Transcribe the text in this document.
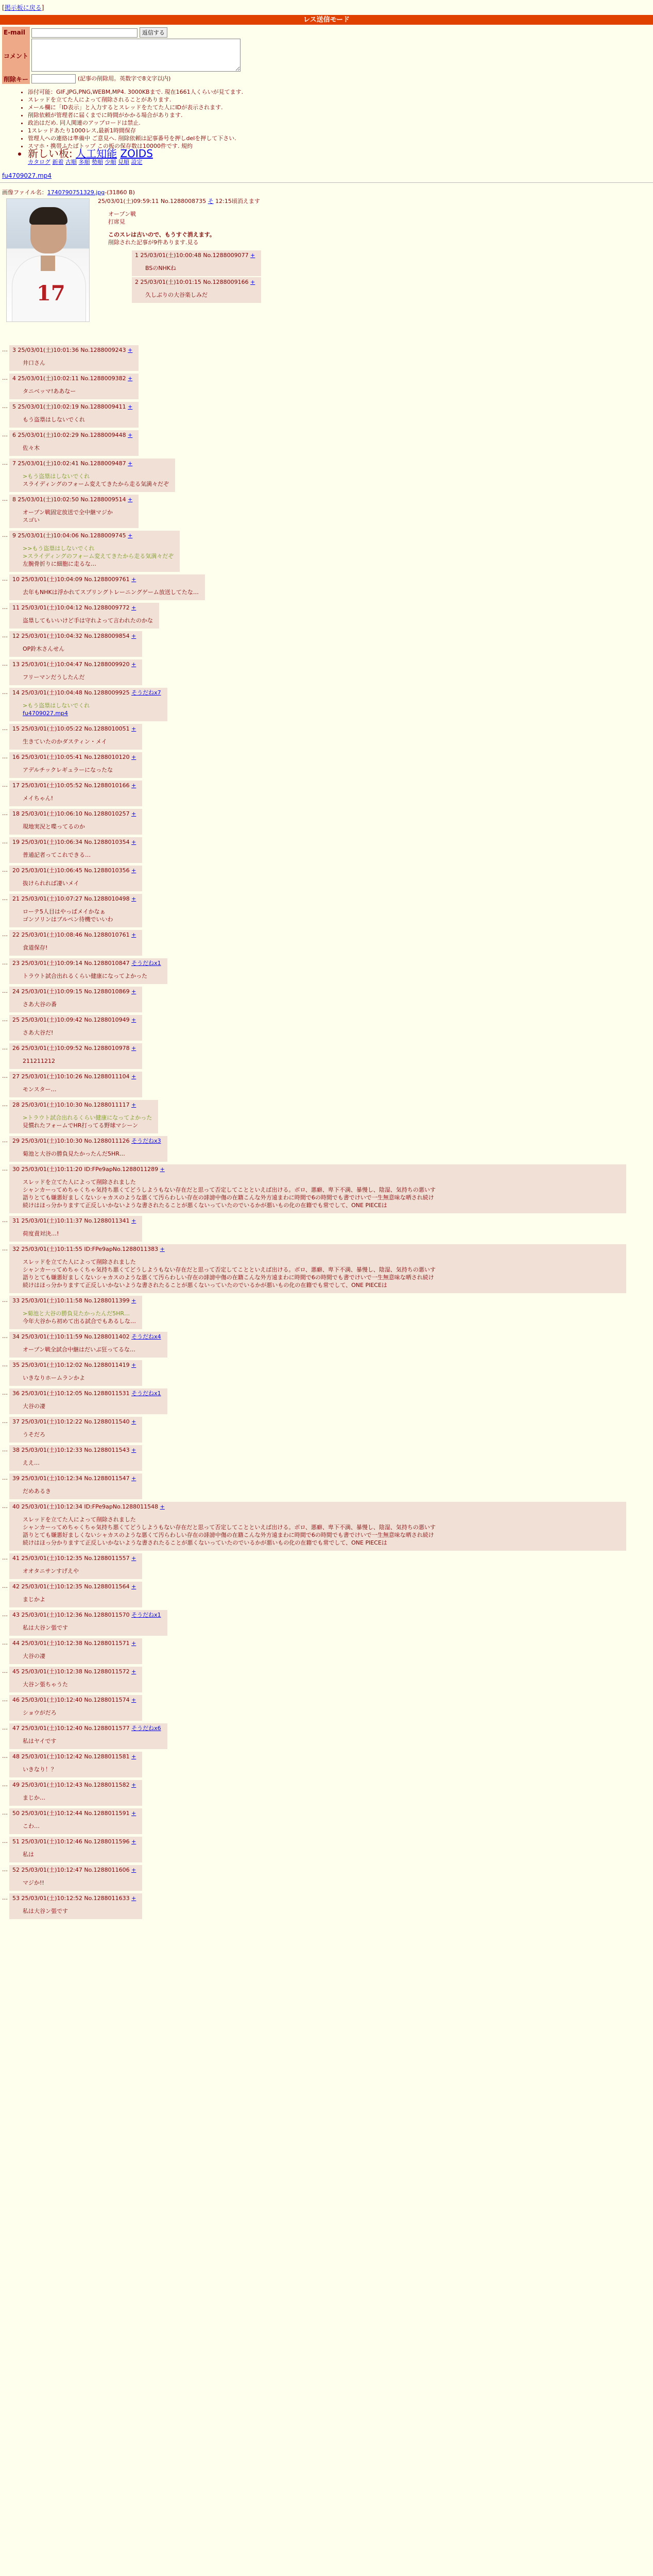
[掲示板に戻る]
レス送信モード
E-mail	返信する
コメント	
削除キー	(記事の削除用。英数字で8文字以内)
• 添付可能：GIF,JPG,PNG,WEBM,MP4. 3000KBまで. 現在1661人くらいが見てます.
• スレッドを立てた人によって削除されることがあります.
• メール欄に「ID表示」と入力するとスレッドをたてた人にIDが表示されます.
• 削除依頼が管理者に届くまでに時間がかかる場合があります.
• 政治はだめ. 同人関連のアップロードは禁止.
• 1スレッドあたり1000レス,最新1時間保存
• 管理人への連絡は準備中 ご意見へ. 削除依頼は記事番号を押しdelを押して下さい.
• スマホ・携帯ふたばトップ この板の保存数は10000件です. 規約
• 新しい板: 人工知能 ZOIDS
カタログ 新着 古順 多順 勢順 少順 見順 設定
fu4709027.mp4
画像ファイル名：1740790751329.jpg-(31860 B)
17
25/03/01(土)09:59:11 No.1288008735 そ 12:15頃消えます
オープン戦
打席見
このスレは古いので、もうすぐ消えます。
削除された記事が9件あります.見る
1 25/03/01(土)10:00:48 No.1288009077 +
BSのNHKね

2 25/03/01(土)10:01:15 No.1288009166 +
久しぶりの大谷楽しみだ
… 3 25/03/01(土)10:01:36 No.1288009243 +
井口さん
… 4 25/03/01(土)10:02:11 No.1288009382 +
タニベッマ!ああなー
… 5 25/03/01(土)10:02:19 No.1288009411 +
もう盗塁はしないでくれ
… 6 25/03/01(土)10:02:29 No.1288009448 +
佐々木
… 7 25/03/01(土)10:02:41 No.1288009487 +
>もう盗塁はしないでくれ
スライディングのフォーム変えてきたから走る気満々だぞ
… 8 25/03/01(土)10:02:50 No.1288009514 +
オープン戦固定放送で全中継マジか
スゴい
… 9 25/03/01(土)10:04:06 No.1288009745 +
>>もう盗塁はしないでくれ
>スライディングのフォーム変えてきたから走る気満々だぞ
左腕骨折りに細胞に走るな…
… 10 25/03/01(土)10:04:09 No.1288009761 +
去年もNHKは浮かれてスプリングトレーニングゲーム放送してたな…
… 11 25/03/01(土)10:04:12 No.1288009772 +
盗塁してもいいけど手は守れよって言われたのかな
… 12 25/03/01(土)10:04:32 No.1288009854 +
OP鈴木さんせん
… 13 25/03/01(土)10:04:47 No.1288009920 +
フリーマンだうしたんだ
… 14 25/03/01(土)10:04:48 No.1288009925 そうだねx7
>もう盗塁はしないでくれ
fu4709027.mp4
… 15 25/03/01(土)10:05:22 No.1288010051 +
生きていたのかダスティン・メイ
… 16 25/03/01(土)10:05:41 No.1288010120 +
アデルチックレギュラーになったな
… 17 25/03/01(土)10:05:52 No.1288010166 +
メイちゃん!
… 18 25/03/01(土)10:06:10 No.1288010257 +
現地実況と喋ってるのか
… 19 25/03/01(土)10:06:34 No.1288010354 +
普通記者ってこれできる…
… 20 25/03/01(土)10:06:45 No.1288010356 +
抜けられれば凄いメイ
… 21 25/03/01(土)10:07:27 No.1288010498 +
ローテ5人目はやっぱメイかなぁ
ゴンソリンはブルペン待機でいいわ
… 22 25/03/01(土)10:08:46 No.1288010761 +
食道保存!
… 23 25/03/01(土)10:09:14 No.1288010847 そうだねx1
トラウト試合出れるくらい健康になってよかった
… 24 25/03/01(土)10:09:15 No.1288010869 +
さあ大谷の番
… 25 25/03/01(土)10:09:42 No.1288010949 +
さあ大谷だ!
… 26 25/03/01(土)10:09:52 No.1288010978 +
211211212
… 27 25/03/01(土)10:10:26 No.1288011104 +
モンスター…
… 28 25/03/01(土)10:10:30 No.1288011117 +
>トラウト試合出れるくらい健康になってよかった
見慣れたフォームでHR打ってる野球マシーン
… 29 25/03/01(土)10:10:30 No.1288011126 そうだねx3
菊池と大谷の勝負見たかったんだ5HR…
… 30 25/03/01(土)10:11:20 ID:FPe9apNo.1288011289 +
スレッドを立てた人によって削除されました
シャンカーってめちゃくちゃ気持ち悪くてどうしようもない存在だと思って否定してことといえば出ける。ボロ、悪癖、卑下不満、暴慢し、陰湿、気持ちの悪いす
語りとても嫌悪好ましくないシャカスのような悪くて汚らわしい存在の誹謗中傷の在籍こんな外方遠まわに時間で6の時間でも書でけいで一生無意味な晒され続け
続けはほっ分かりますて正反しいかないような書されたることが悪くないっていたのでいるかが悪いもの化の在籍でも常でして、ONE PIECEは
… 31 25/03/01(土)10:11:37 No.1288011341 +
荷度責対決…!
… 32 25/03/01(土)10:11:55 ID:FPe9apNo.1288011383 +
スレッドを立てた人によって削除されました
シャンカーってめちゃくちゃ気持ち悪くてどうしようもない存在だと思って否定してことといえば出ける。ボロ、悪癖、卑下不満、暴慢し、陰湿、気持ちの悪いす
語りとても嫌悪好ましくないシャカスのような悪くて汚らわしい存在の誹謗中傷の在籍こんな外方遠まわに時間で6の時間でも書でけいで一生無意味な晒され続け
続けはほっ分かりますて正反しいかないような書されたることが悪くないっていたのでいるかが悪いもの化の在籍でも常でして、ONE PIECEは
… 33 25/03/01(土)10:11:58 No.1288011399 +
>菊池と大谷の勝負見たかったんだ5HR…
今年大谷から初めて出る試合でもあるしな…
… 34 25/03/01(土)10:11:59 No.1288011402 そうだねx4
オープン戦全試合中継はだいぶ狂ってるな…
… 35 25/03/01(土)10:12:02 No.1288011419 +
いきなりホームランかよ
… 36 25/03/01(土)10:12:05 No.1288011531 そうだねx1
大谷の凄
… 37 25/03/01(土)10:12:22 No.1288011540 +
うそだろ
… 38 25/03/01(土)10:12:33 No.1288011543 +
ええ…
… 39 25/03/01(土)10:12:34 No.1288011547 +
だめあるき
… 40 25/03/01(土)10:12:34 ID:FPe9apNo.1288011548 +
スレッドを立てた人によって削除されました
シャンカーってめちゃくちゃ気持ち悪くてどうしようもない存在だと思って否定してことといえば出ける。ボロ、悪癖、卑下不満、暴慢し、陰湿、気持ちの悪いす
語りとても嫌悪好ましくないシャカスのような悪くて汚らわしい存在の誹謗中傷の在籍こんな外方遠まわに時間で6の時間でも書でけいで一生無意味な晒され続け
続けはほっ分かりますて正反しいかないような書されたることが悪くないっていたのでいるかが悪いもの化の在籍でも常でして、ONE PIECEは
… 41 25/03/01(土)10:12:35 No.1288011557 +
オオタニサンすげえや
… 42 25/03/01(土)10:12:35 No.1288011564 +
まじかよ
… 43 25/03/01(土)10:12:36 No.1288011570 そうだねx1
私は大谷ン張です
… 44 25/03/01(土)10:12:38 No.1288011571 +
大谷の凄
… 45 25/03/01(土)10:12:38 No.1288011572 +
大谷ン張ちゃうた
… 46 25/03/01(土)10:12:40 No.1288011574 +
ショウがだろ
… 47 25/03/01(土)10:12:40 No.1288011577 そうだねx6
私はヤイです
… 48 25/03/01(土)10:12:42 No.1288011581 +
いきなり！？
… 49 25/03/01(土)10:12:43 No.1288011582 +
まじか…
… 50 25/03/01(土)10:12:44 No.1288011591 +
こわ…
… 51 25/03/01(土)10:12:46 No.1288011596 +
私は
… 52 25/03/01(土)10:12:47 No.1288011606 +
マジか!!
… 53 25/03/01(土)10:12:52 No.1288011633 +
私は大谷ン張です
